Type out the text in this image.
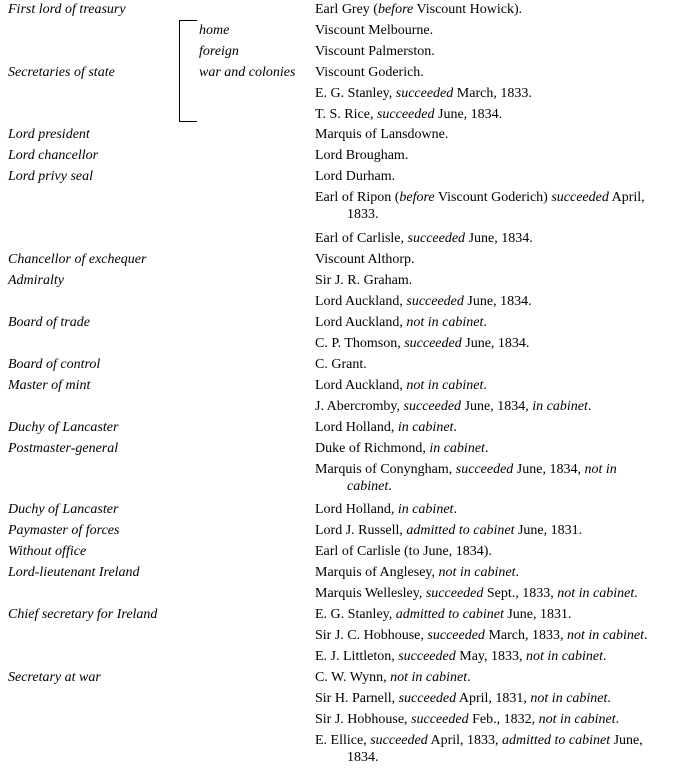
First lord of treasury
Secretaries of state
Lord president
Lord chancellor
Lord privy seal
Chancellor of exchequer
Admiralty
Board of trade
Board of control
Master of mint
Duchy of Lancaster
Postmaster-general
Duchy of Lancaster
Paymaster of forces
Without office
Lord-lieutenant Ireland
Chief secretary for Ireland
Secretary at war
home
foreign
war and colonies
Earl Grey (before Viscount Howick).
Viscount Melbourne.
Viscount Palmerston.
Viscount Goderich.
E. G. Stanley, succeeded March, 1833.
T. S. Rice, succeeded June, 1834.
Marquis of Lansdowne.
Lord Brougham.
Lord Durham.
Earl of Ripon (before Viscount Goderich) succeeded April,
1833.
Earl of Carlisle, succeeded June, 1834.
Viscount Althorp.
Sir J. R. Graham.
Lord Auckland, succeeded June, 1834.
Lord Auckland, not in cabinet.
C. P. Thomson, succeeded June, 1834.
C. Grant.
Lord Auckland, not in cabinet.
J. Abercromby, succeeded June, 1834, in cabinet.
Lord Holland, in cabinet.
Duke of Richmond, in cabinet.
Marquis of Conyngham, succeeded June, 1834, not in
cabinet.
Lord Holland, in cabinet.
Lord J. Russell, admitted to cabinet June, 1831.
Earl of Carlisle (to June, 1834).
Marquis of Anglesey, not in cabinet.
Marquis Wellesley, succeeded Sept., 1833, not in cabinet.
E. G. Stanley, admitted to cabinet June, 1831.
Sir J. C. Hobhouse, succeeded March, 1833, not in cabinet.
E. J. Littleton, succeeded May, 1833, not in cabinet.
C. W. Wynn, not in cabinet.
Sir H. Parnell, succeeded April, 1831, not in cabinet.
Sir J. Hobhouse, succeeded Feb., 1832, not in cabinet.
E. Ellice, succeeded April, 1833, admitted to cabinet June,
1834.
